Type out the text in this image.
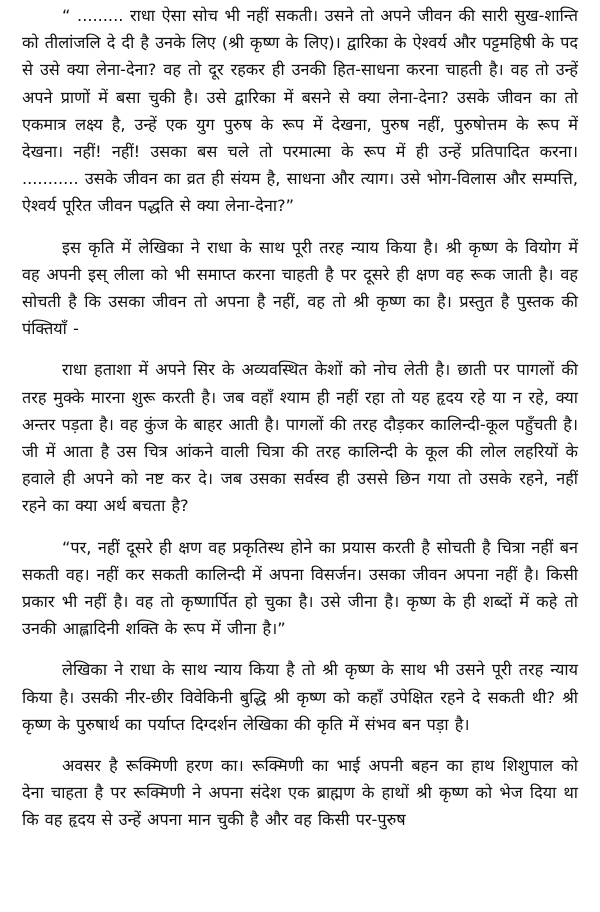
“ ......... राधा ऐसा सोच भी नहीं सकती। उसने तो अपने जीवन की सारी सुख-शान्ति को तीलांजलि दे दी है उनके लिए (श्री कृष्ण के लिए)। द्वारिका के ऐश्वर्य और पट्टमहिषी के पद से उसे क्या लेना-देना? वह तो दूर रहकर ही उनकी हित-साधना करना चाहती है। वह तो उन्हें अपने प्राणों में बसा चुकी है। उसे द्वारिका में बसने से क्या लेना-देना? उसके जीवन का तो एकमात्र लक्ष्य है, उन्हें एक युग पुरुष के रूप में देखना, पुरुष नहीं, पुरुषोत्तम के रूप में देखना। नहीं! नहीं! उसका बस चले तो परमात्मा के रूप में ही उन्हें प्रतिपादित करना। ........... उसके जीवन का व्रत ही संयम है, साधना और त्याग। उसे भोग-विलास और सम्पत्ति, ऐश्वर्य पूरित जीवन पद्धति से क्या लेना-देना?”

इस कृति में लेखिका ने राधा के साथ पूरी तरह न्याय किया है। श्री कृष्ण के वियोग में वह अपनी इस् लीला को भी समाप्त करना चाहती है पर दूसरे ही क्षण वह रूक जाती है। वह सोचती है कि उसका जीवन तो अपना है नहीं, वह तो श्री कृष्ण का है। प्रस्तुत है पुस्तक की पंक्तियाँ -

राधा हताशा में अपने सिर के अव्यवस्थित केशों को नोच लेती है। छाती पर पागलों की तरह मुक्के मारना शुरू करती है। जब वहाँ श्याम ही नहीं रहा तो यह हृदय रहे या न रहे, क्या अन्तर पड़ता है। वह कुंज के बाहर आती है। पागलों की तरह दौड़कर कालिन्दी-कूल पहुँचती है। जी में आता है उस चित्र आंकने वाली चित्रा की तरह कालिन्दी के कूल की लोल लहरियों के हवाले ही अपने को नष्ट कर दे। जब उसका सर्वस्व ही उससे छिन गया तो उसके रहने, नहीं रहने का क्या अर्थ बचता है?

“पर, नहीं दूसरे ही क्षण वह प्रकृतिस्थ होने का प्रयास करती है सोचती है चित्रा नहीं बन सकती वह। नहीं कर सकती कालिन्दी में अपना विसर्जन। उसका जीवन अपना नहीं है। किसी प्रकार भी नहीं है। वह तो कृष्णार्पित हो चुका है। उसे जीना है। कृष्ण के ही शब्दों में कहे तो उनकी आह्लादिनी शक्ति के रूप में जीना है।”

लेखिका ने राधा के साथ न्याय किया है तो श्री कृष्ण के साथ भी उसने पूरी तरह न्याय किया है। उसकी नीर-छीर विवेकिनी बुद्धि श्री कृष्ण को कहाँ उपेक्षित रहने दे सकती थी? श्री कृष्ण के पुरुषार्थ का पर्याप्त दिग्दर्शन लेखिका की कृति में संभव बन पड़ा है।

अवसर है रूक्मिणी हरण का। रूक्मिणी का भाई अपनी बहन का हाथ शिशुपाल को देना चाहता है पर रूक्मिणी ने अपना संदेश एक ब्राह्मण के हाथों श्री कृष्ण को भेज दिया था कि वह हृदय से उन्हें अपना मान चुकी है और वह किसी पर-पुरुष
